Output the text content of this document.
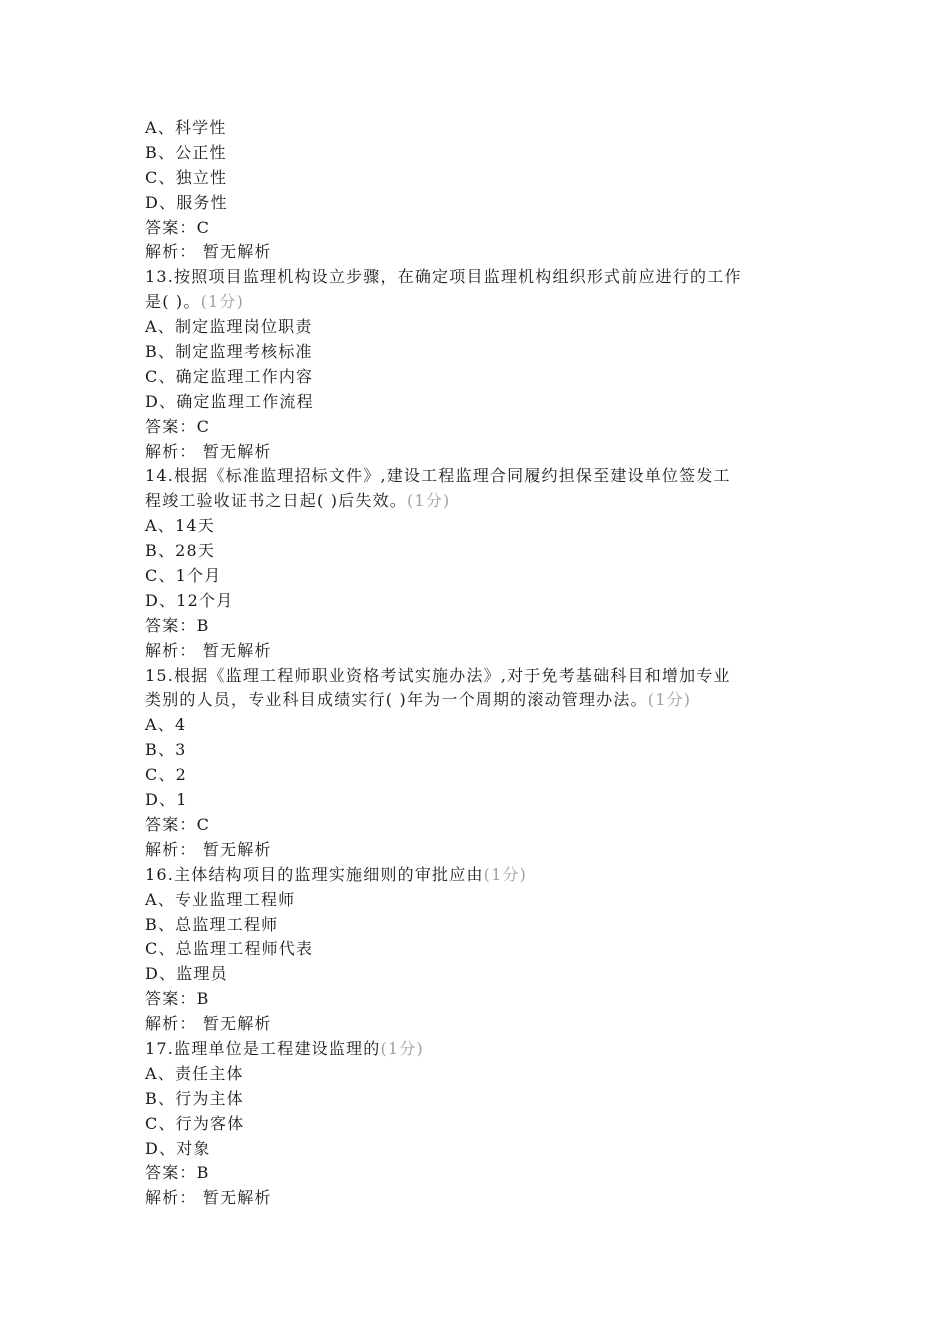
A、科学性
B、公正性
C、独立性
D、服务性
答案：C
解析： 暂无解析
13.按照项目监理机构设立步骤，在确定项目监理机构组织形式前应进行的工作
是( )。(1分)
A、制定监理岗位职责
B、制定监理考核标准
C、确定监理工作内容
D、确定监理工作流程
答案：C
解析： 暂无解析
14.根据《标准监理招标文件》,建设工程监理合同履约担保至建设单位签发工
程竣工验收证书之日起( )后失效。(1分)
A、14天
B、28天
C、1个月
D、12个月
答案：B
解析： 暂无解析
15.根据《监理工程师职业资格考试实施办法》,对于免考基础科目和增加专业
类别的人员，专业科目成绩实行( )年为一个周期的滚动管理办法。(1分)
A、4
B、3
C、2
D、1
答案：C
解析： 暂无解析
16.主体结构项目的监理实施细则的审批应由(1分)
A、专业监理工程师
B、总监理工程师
C、总监理工程师代表
D、监理员
答案：B
解析： 暂无解析
17.监理单位是工程建设监理的(1分)
A、责任主体
B、行为主体
C、行为客体
D、对象
答案：B
解析： 暂无解析
